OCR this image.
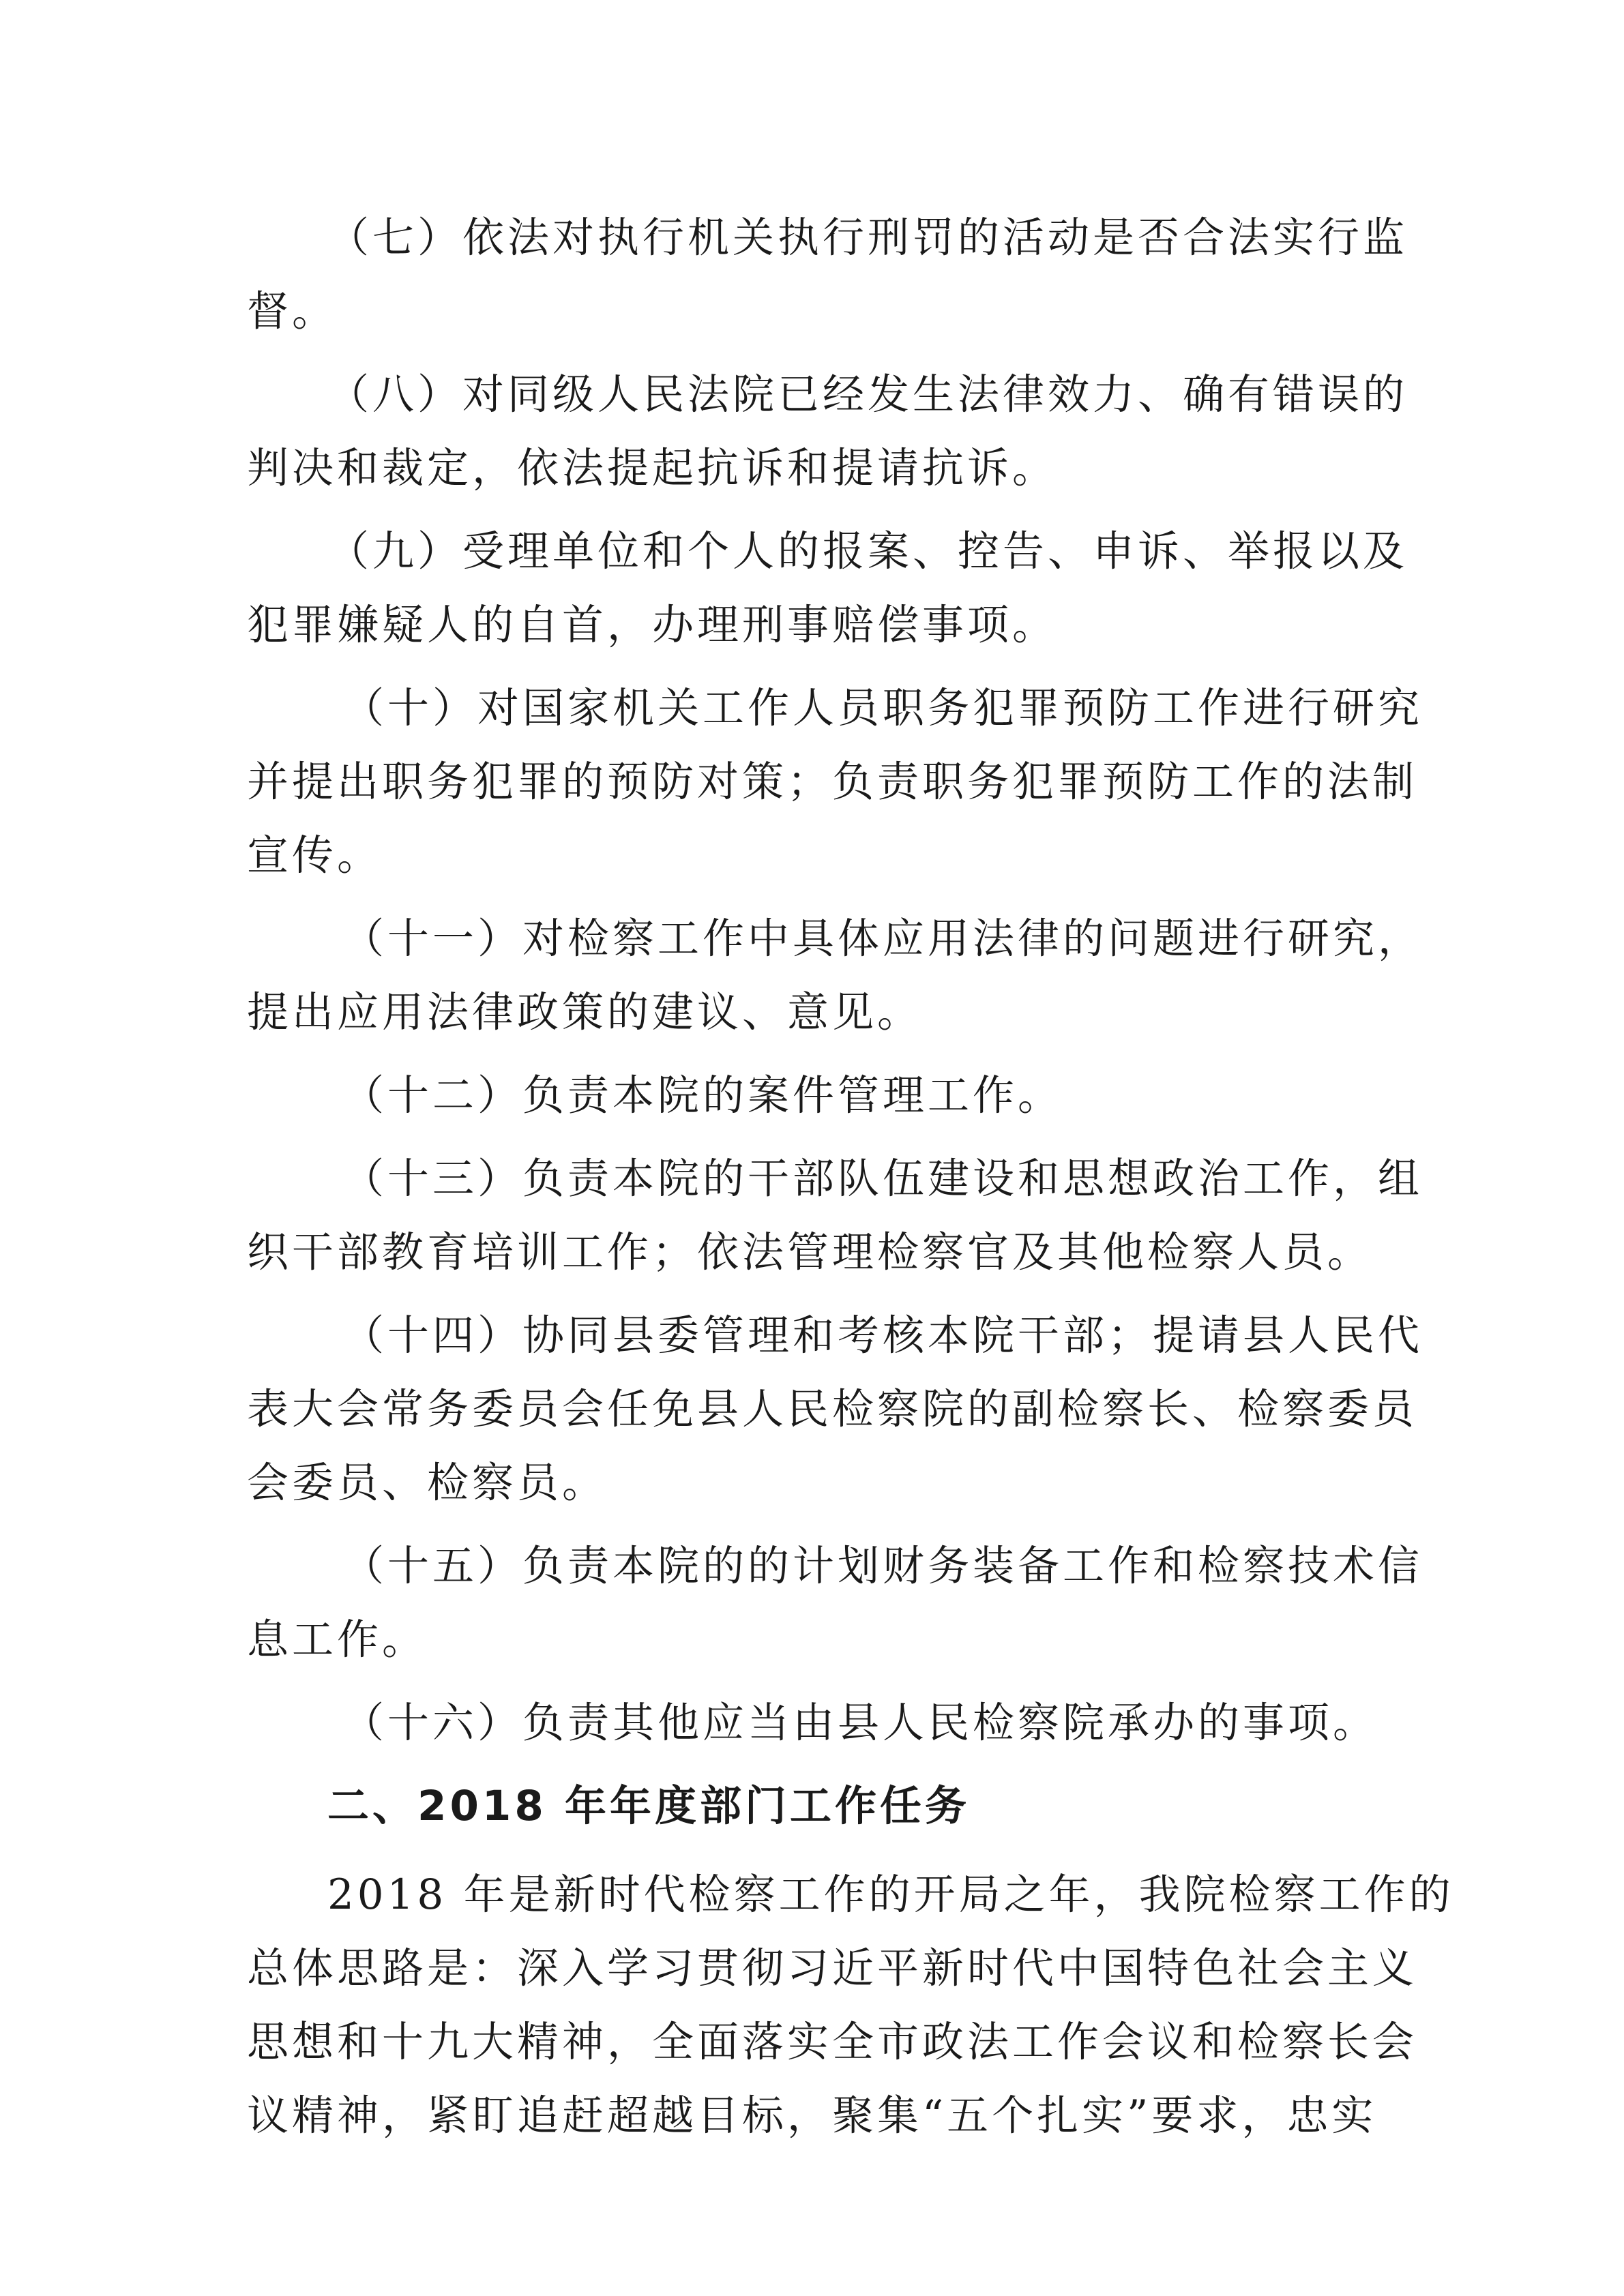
（七）依法对执行机关执行刑罚的活动是否合法实行监
督。
（八）对同级人民法院已经发生法律效力、确有错误的
判决和裁定，依法提起抗诉和提请抗诉。
（九）受理单位和个人的报案、控告、申诉、举报以及
犯罪嫌疑人的自首，办理刑事赔偿事项。
（十）对国家机关工作人员职务犯罪预防工作进行研究
并提出职务犯罪的预防对策；负责职务犯罪预防工作的法制
宣传。
（十一）对检察工作中具体应用法律的问题进行研究，
提出应用法律政策的建议、意见。
（十二）负责本院的案件管理工作。
（十三）负责本院的干部队伍建设和思想政治工作，组
织干部教育培训工作；依法管理检察官及其他检察人员。
（十四）协同县委管理和考核本院干部；提请县人民代
表大会常务委员会任免县人民检察院的副检察长、检察委员
会委员、检察员。
（十五）负责本院的的计划财务装备工作和检察技术信
息工作。
（十六）负责其他应当由县人民检察院承办的事项。
二、2018 年年度部门工作任务
2018 年是新时代检察工作的开局之年，我院检察工作的
总体思路是：深入学习贯彻习近平新时代中国特色社会主义
思想和十九大精神，全面落实全市政法工作会议和检察长会
议精神，紧盯追赶超越目标，聚集“五个扎实”要求，忠实
